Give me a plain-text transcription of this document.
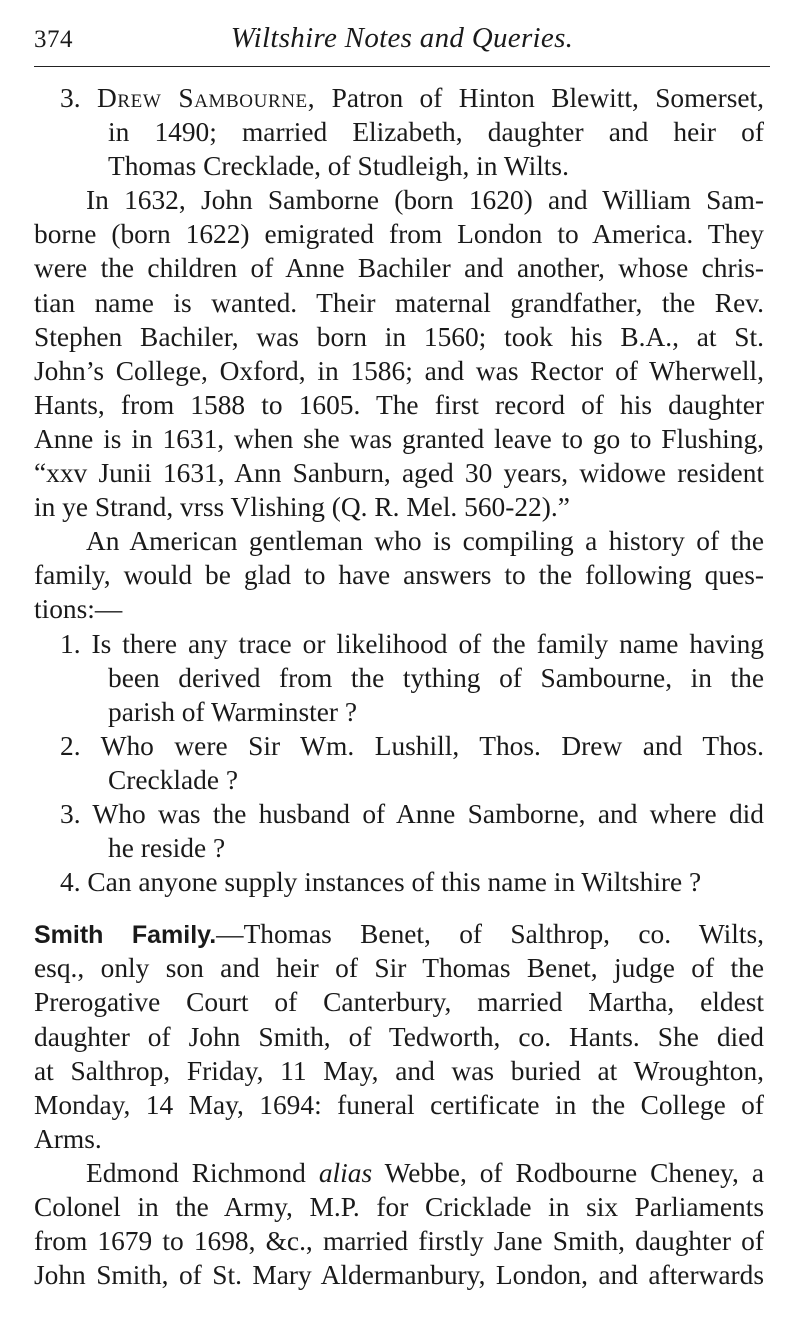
374	Wiltshire Notes and Queries.
3. Drew Sambourne, Patron of Hinton Blewitt, Somerset,
in 1490; married Elizabeth, daughter and heir of
Thomas Crecklade, of Studleigh, in Wilts.
In 1632, John Samborne (born 1620) and William Sam-
borne (born 1622) emigrated from London to America. They
were the children of Anne Bachiler and another, whose chris-
tian name is wanted. Their maternal grandfather, the Rev.
Stephen Bachiler, was born in 1560; took his B.A., at St.
John’s College, Oxford, in 1586; and was Rector of Wherwell,
Hants, from 1588 to 1605. The first record of his daughter
Anne is in 1631, when she was granted leave to go to Flushing,
“xxv Junii 1631, Ann Sanburn, aged 30 years, widowe resident
in ye Strand, vrss Vlishing (Q. R. Mel. 560-22).”
An American gentleman who is compiling a history of the
family, would be glad to have answers to the following ques-
tions:—
1. Is there any trace or likelihood of the family name having
been derived from the tything of Sambourne, in the
parish of Warminster ?
2. Who were Sir Wm. Lushill, Thos. Drew and Thos.
Crecklade ?
3. Who was the husband of Anne Samborne, and where did
he reside ?
4. Can anyone supply instances of this name in Wiltshire ?
Smith Family.—Thomas Benet, of Salthrop, co. Wilts,
esq., only son and heir of Sir Thomas Benet, judge of the
Prerogative Court of Canterbury, married Martha, eldest
daughter of John Smith, of Tedworth, co. Hants. She died
at Salthrop, Friday, 11 May, and was buried at Wroughton,
Monday, 14 May, 1694: funeral certificate in the College of
Arms.
Edmond Richmond alias Webbe, of Rodbourne Cheney, a
Colonel in the Army, M.P. for Cricklade in six Parliaments
from 1679 to 1698, &c., married firstly Jane Smith, daughter of
John Smith, of St. Mary Aldermanbury, London, and afterwards
